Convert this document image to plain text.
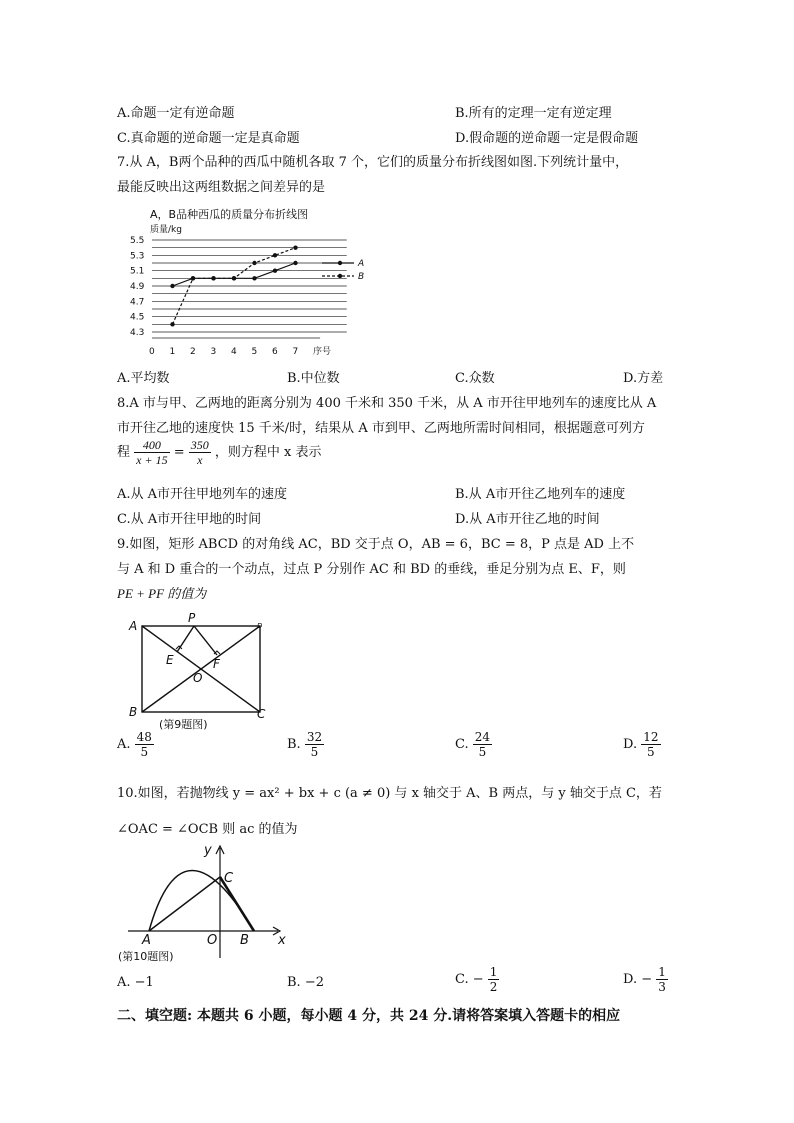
A.命题一定有逆命题	B.所有的定理一定有逆定理
C.真命题的逆命题一定是真命题	D.假命题的逆命题一定是假命题
7.从 A，B两个品种的西瓜中随机各取 7 个，它们的质量分布折线图如图.下列统计量中，
最能反映出这两组数据之间差异的是
A，B品种西瓜的质量分布折线图
质量/kg
5.5
5.3
5.1
4.9
4.7
4.5
4.3
0 1 2 3 4 5 6 7
A
B
序号
A.平均数	B.中位数	C.众数	D.方差
8.A 市与甲、乙两地的距离分别为 400 千米和 350 千米，从 A 市开往甲地列车的速度比从 A
市开往乙地的速度快 15 千米/时，结果从 A 市到甲、乙两地所需时间相同，根据题意可列方
程 $\frac{400}{x + 15} = \frac{350}{x}$ ，则方程中 x 表示
A.从 A市开往甲地列车的速度	B.从 A市开往乙地列车的速度
C.从 A市开往甲地的时间	D.从 A市开往乙地的时间
9.如图，矩形 ABCD 的对角线 AC，BD 交于点 O，AB = 6，BC = 8，P 点是 AD 上不
与 A 和 D 重合的一个动点，过点 P 分别作 AC 和 BD 的垂线，垂足分别为点 E、F，则
PE + PF 的值为
A
P
D
E	F
O
B	C
(第9题图)
A. $\frac{48}{5}$	B. $\frac{32}{5}$	C. $\frac{24}{5}$	D. $\frac{12}{5}$
10.如图，若抛物线 y = ax² + bx + c (a ≠ 0) 与 x 轴交于 A、B 两点，与 y 轴交于点 C，若
∠OAC = ∠OCB 则 ac 的值为
y
C
A	O B x
(第10题图)
A. −1	B. −2	C. − $\frac{1}{2}$	D. − $\frac{1}{3}$
二、填空题: 本题共 6 小题，每小题 4 分，共 24 分.请将答案填入答题卡的相应
